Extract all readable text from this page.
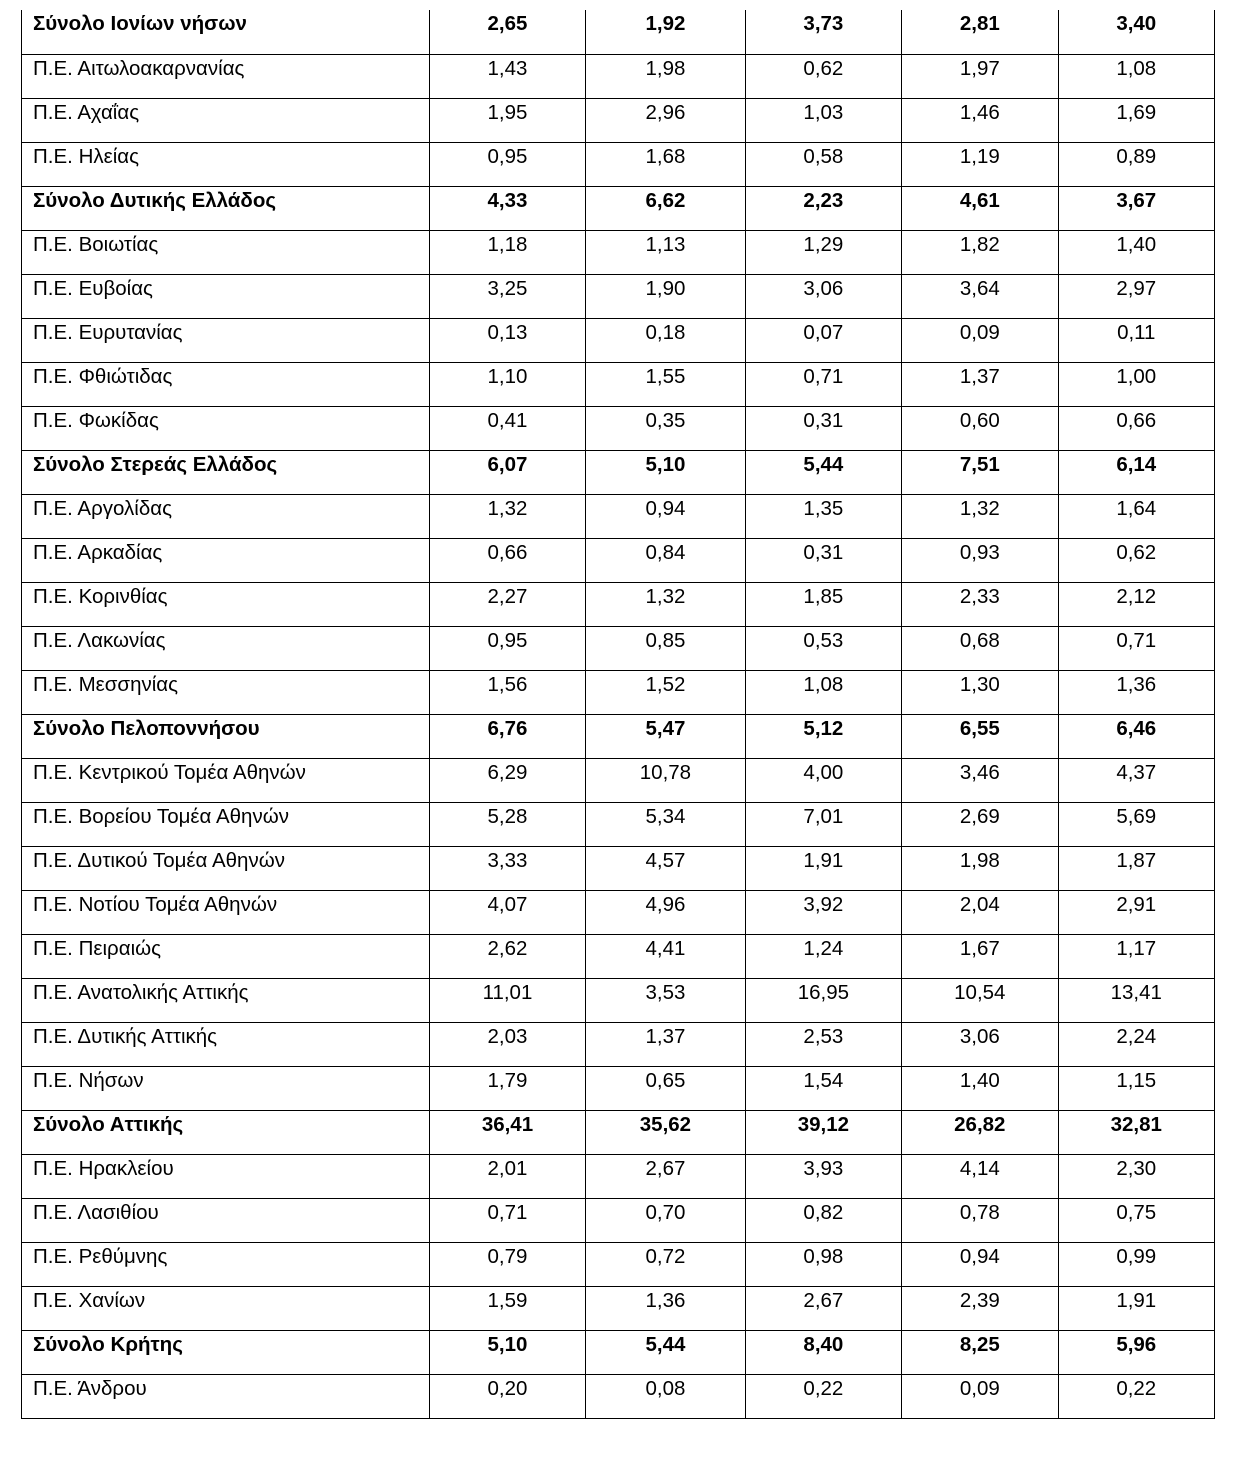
Σύνολο Ιονίων νήσων	2,65	1,92	3,73	2,81	3,40

Π.Ε. Αιτωλοακαρνανίας	1,43	1,98	0,62	1,97	1,08

Π.Ε. Αχαΐας	1,95	2,96	1,03	1,46	1,69

Π.Ε. Ηλείας	0,95	1,68	0,58	1,19	0,89

Σύνολο Δυτικής Ελλάδος	4,33	6,62	2,23	4,61	3,67

Π.Ε. Βοιωτίας	1,18	1,13	1,29	1,82	1,40

Π.Ε. Ευβοίας	3,25	1,90	3,06	3,64	2,97

Π.Ε. Ευρυτανίας	0,13	0,18	0,07	0,09	0,11

Π.Ε. Φθιώτιδας	1,10	1,55	0,71	1,37	1,00

Π.Ε. Φωκίδας	0,41	0,35	0,31	0,60	0,66

Σύνολο Στερεάς Ελλάδος	6,07	5,10	5,44	7,51	6,14

Π.Ε. Αργολίδας	1,32	0,94	1,35	1,32	1,64

Π.Ε. Αρκαδίας	0,66	0,84	0,31	0,93	0,62

Π.Ε. Κορινθίας	2,27	1,32	1,85	2,33	2,12

Π.Ε. Λακωνίας	0,95	0,85	0,53	0,68	0,71

Π.Ε. Μεσσηνίας	1,56	1,52	1,08	1,30	1,36

Σύνολο Πελοποννήσου	6,76	5,47	5,12	6,55	6,46

Π.Ε. Κεντρικού Τομέα Αθηνών	6,29	10,78	4,00	3,46	4,37

Π.Ε. Βορείου Τομέα Αθηνών	5,28	5,34	7,01	2,69	5,69

Π.Ε. Δυτικού Τομέα Αθηνών	3,33	4,57	1,91	1,98	1,87

Π.Ε. Νοτίου Τομέα Αθηνών	4,07	4,96	3,92	2,04	2,91

Π.Ε. Πειραιώς	2,62	4,41	1,24	1,67	1,17

Π.Ε. Ανατολικής Αττικής	11,01	3,53	16,95	10,54	13,41

Π.Ε. Δυτικής Αττικής	2,03	1,37	2,53	3,06	2,24

Π.Ε. Νήσων	1,79	0,65	1,54	1,40	1,15

Σύνολο Αττικής	36,41	35,62	39,12	26,82	32,81

Π.Ε. Ηρακλείου	2,01	2,67	3,93	4,14	2,30

Π.Ε. Λασιθίου	0,71	0,70	0,82	0,78	0,75

Π.Ε. Ρεθύμνης	0,79	0,72	0,98	0,94	0,99

Π.Ε. Χανίων	1,59	1,36	2,67	2,39	1,91

Σύνολο Κρήτης	5,10	5,44	8,40	8,25	5,96

Π.Ε. Άνδρου	0,20	0,08	0,22	0,09	0,22
